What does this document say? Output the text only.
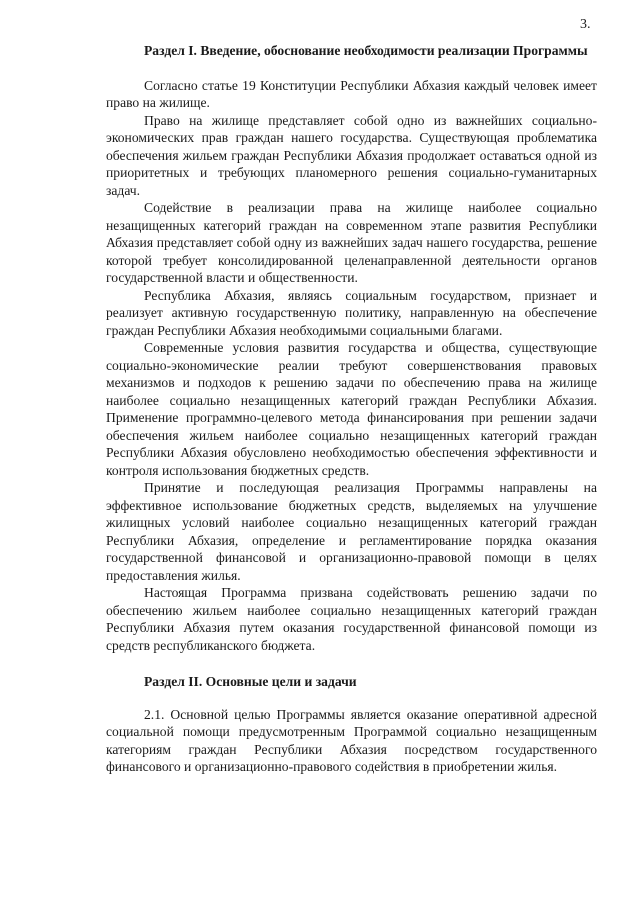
3.

Раздел I. Введение, обоснование необходимости реализации Программы

Согласно статье 19 Конституции Республики Абхазия каждый человек имеет право на жилище.

Право на жилище представляет собой одно из важнейших социально-экономических прав граждан нашего государства. Существующая проблематика обеспечения жильем граждан Республики Абхазия продолжает оставаться одной из приоритетных и требующих планомерного решения социально-гуманитарных задач.

Содействие в реализации права на жилище наиболее социально незащищенных категорий граждан на современном этапе развития Республики Абхазия представляет собой одну из важнейших задач нашего государства, решение которой требует консолидированной целенаправленной деятельности органов государственной власти и общественности.

Республика Абхазия, являясь социальным государством, признает и реализует активную государственную политику, направленную на обеспечение граждан Республики Абхазия необходимыми социальными благами.

Современные условия развития государства и общества, существующие социально-экономические реалии требуют совершенствования правовых механизмов и подходов к решению задачи по обеспечению права на жилище наиболее социально незащищенных категорий граждан Республики Абхазия. Применение программно-целевого метода финансирования при решении задачи обеспечения жильем наиболее социально незащищенных категорий граждан Республики Абхазия обусловлено необходимостью обеспечения эффективности и контроля использования бюджетных средств.

Принятие и последующая реализация Программы направлены на эффективное использование бюджетных средств, выделяемых на улучшение жилищных условий наиболее социально незащищенных категорий граждан Республики Абхазия, определение и регламентирование порядка оказания государственной финансовой и организационно-правовой помощи в целях предоставления жилья.

Настоящая Программа призвана содействовать решению задачи по обеспечению жильем наиболее социально незащищенных категорий граждан Республики Абхазия путем оказания государственной финансовой помощи из средств республиканского бюджета.

Раздел II. Основные цели и задачи

2.1. Основной целью Программы является оказание оперативной адресной социальной помощи предусмотренным Программой социально незащищенным категориям граждан Республики Абхазия посредством государственного финансового и организационно-правового содействия в приобретении жилья.
